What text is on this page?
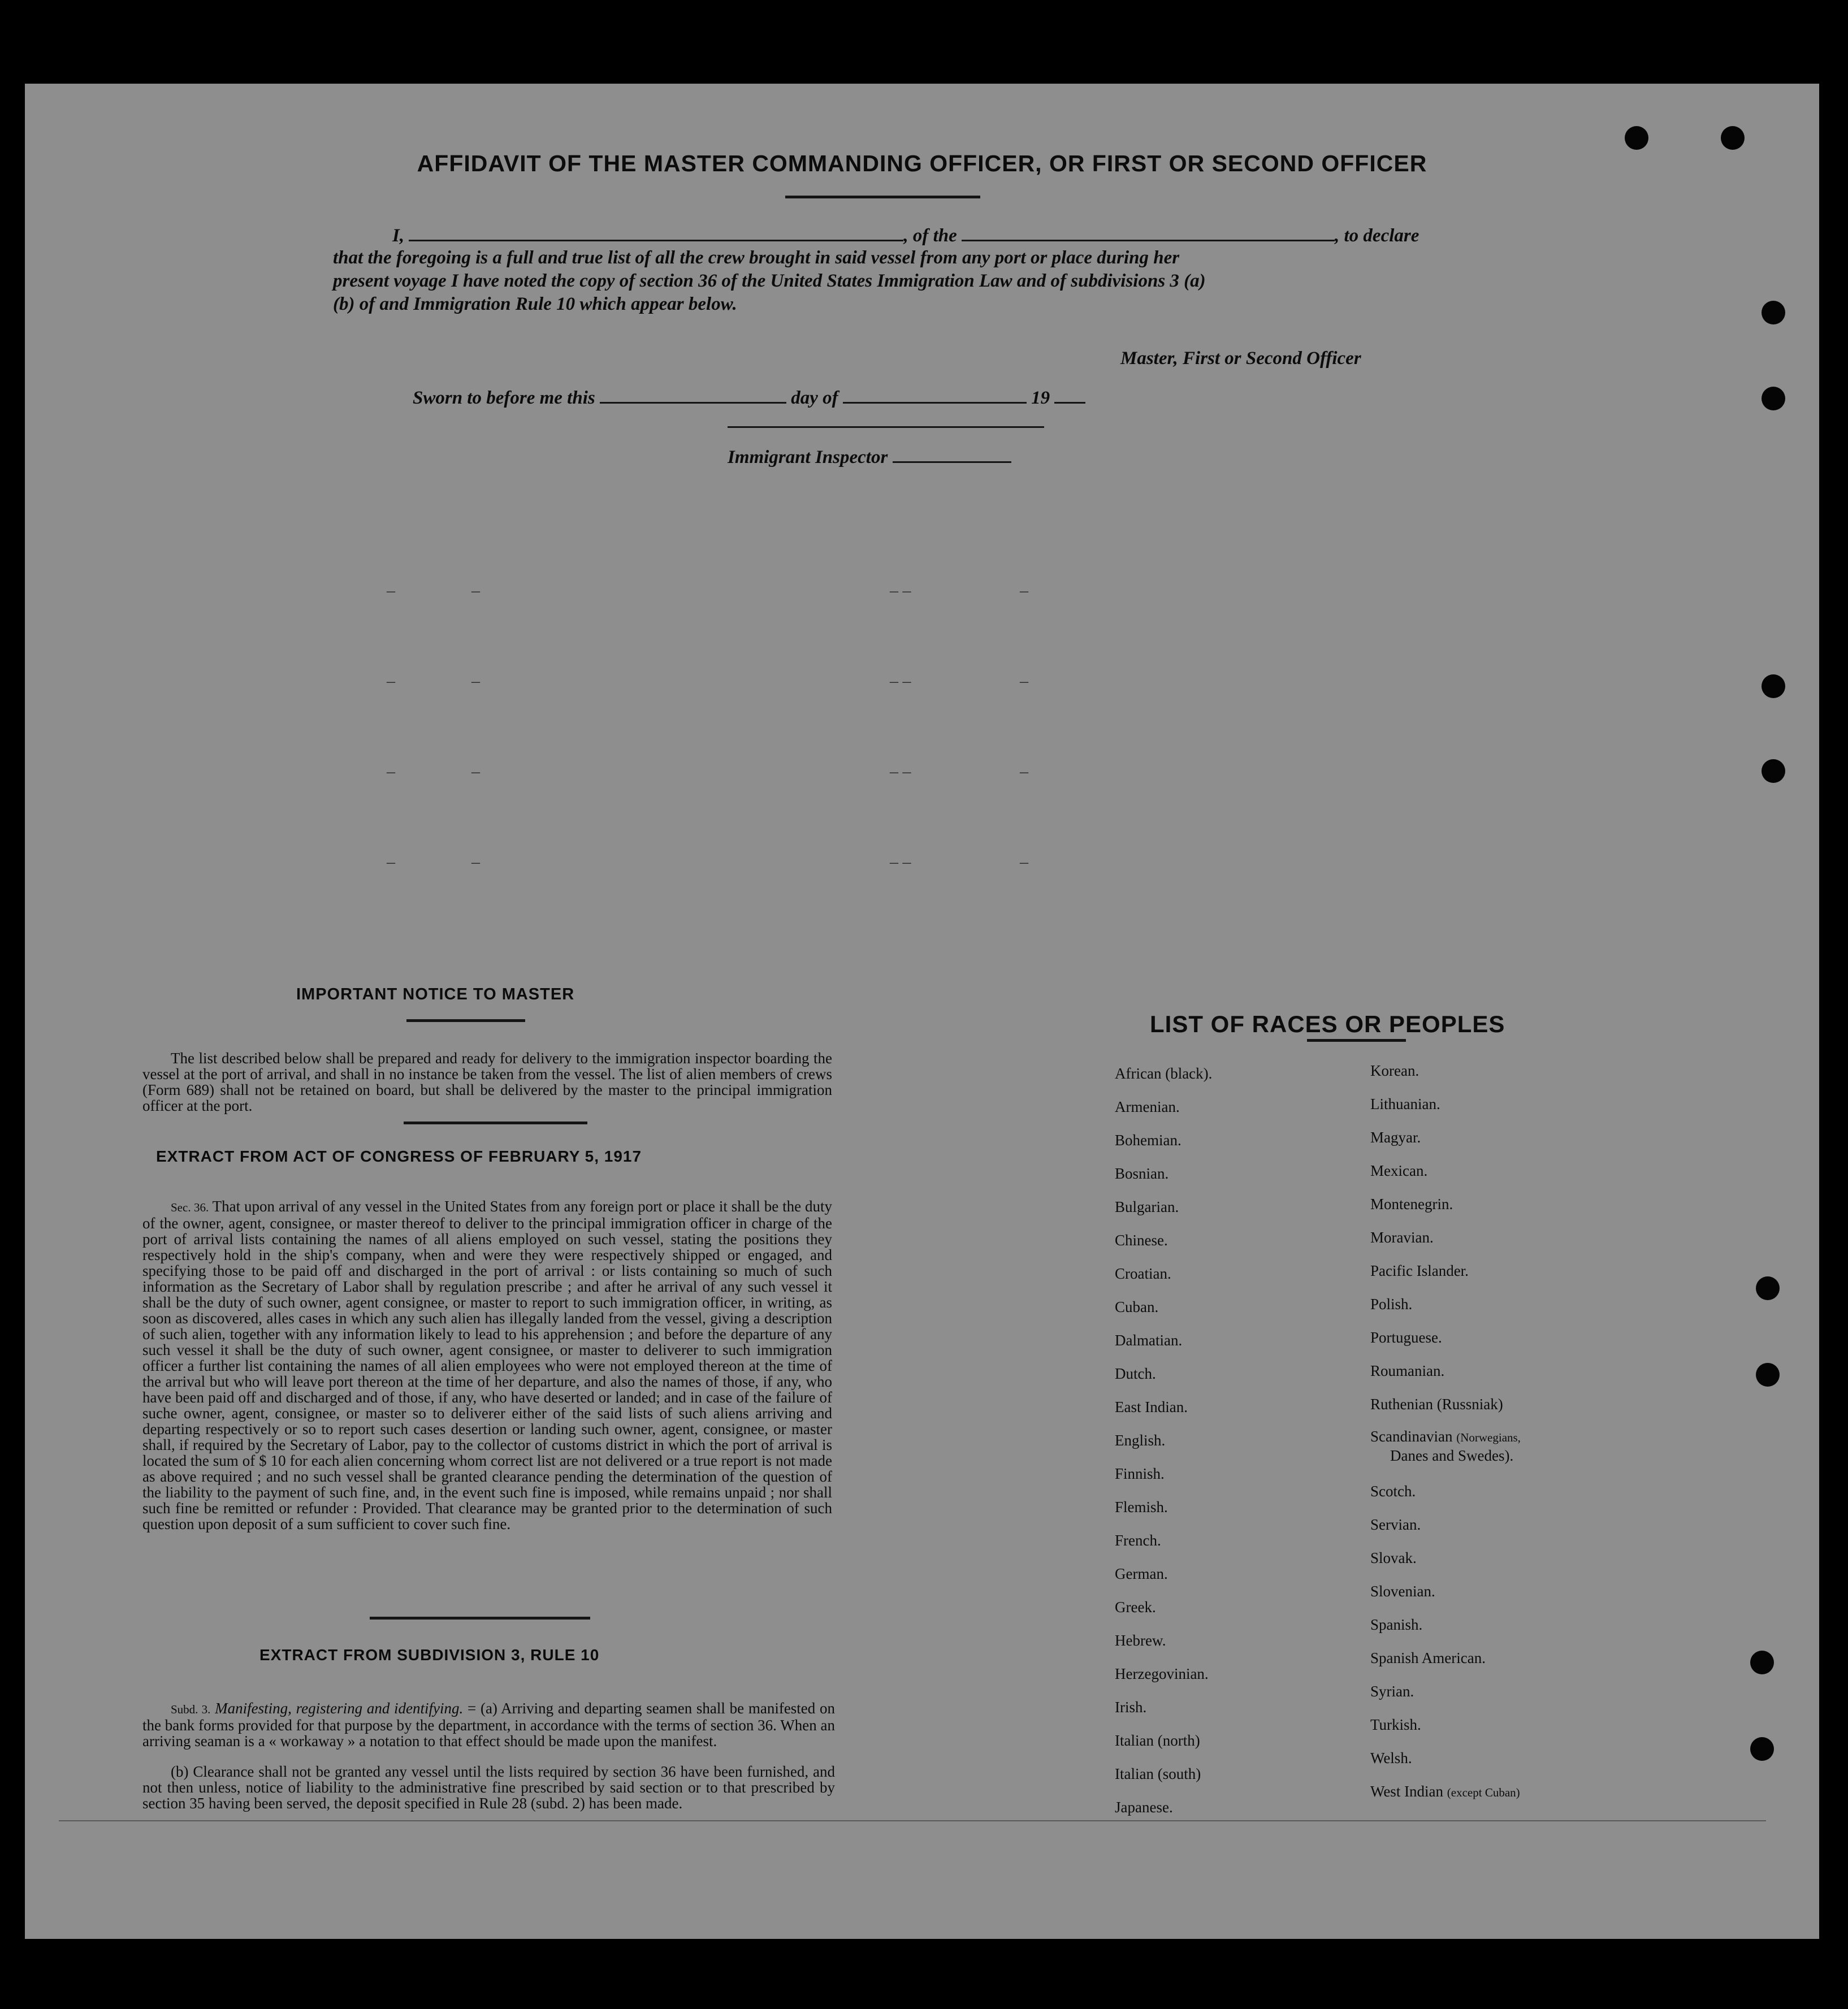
AFFIDAVIT OF THE MASTER COMMANDING OFFICER, OR FIRST OR SECOND OFFICER
I,	, of the	, to declare
that the foregoing is a full and true list of all the crew brought in said vessel from any port or place during her
present voyage I have noted the copy of section 36 of the United States Immigration Law and of subdivisions 3 (a)
(b) of and Immigration Rule 10 which appear below.
Master, First or Second Officer
Sworn to before me this	day of	19
Immigrant Inspector
–	–	– –	–
–	–	– –	–
–	–	– –	–
–	–	– –	–
IMPORTANT NOTICE TO MASTER
The list described below shall be prepared and ready for delivery to the immigration inspector boarding the vessel at the port of arrival, and shall in no instance be taken from the vessel. The list of alien members of crews (Form 689) shall not be retained on board, but shall be delivered by the master to the principal immigration officer at the port.
EXTRACT FROM ACT OF CONGRESS OF FEBRUARY 5, 1917
Sec. 36. That upon arrival of any vessel in the United States from any foreign port or place it shall be the duty of the owner, agent, consignee, or master thereof to deliver to the principal immigration officer in charge of the port of arrival lists containing the names of all aliens employed on such vessel, stating the positions they respectively hold in the ship's company, when and were they were respectively shipped or engaged, and specifying those to be paid off and discharged in the port of arrival : or lists containing so much of such information as the Secretary of Labor shall by regulation prescribe ; and after he arrival of any such vessel it shall be the duty of such owner, agent consignee, or master to report to such immigration officer, in writing, as soon as discovered, alles cases in which any such alien has illegally landed from the vessel, giving a description of such alien, together with any information likely to lead to his apprehension ; and before the departure of any such vessel it shall be the duty of such owner, agent consignee, or master to deliverer to such immigration officer a further list containing the names of all alien employees who were not employed thereon at the time of the arrival but who will leave port thereon at the time of her departure, and also the names of those, if any, who have been paid off and discharged and of those, if any, who have deserted or landed; and in case of the failure of suche owner, agent, consignee, or master so to deliverer either of the said lists of such aliens arriving and departing respectively or so to report such cases desertion or landing such owner, agent, consignee, or master shall, if required by the Secretary of Labor, pay to the collector of customs district in which the port of arrival is located the sum of $ 10 for each alien concerning whom correct list are not delivered or a true report is not made as above required ; and no such vessel shall be granted clearance pending the determination of the question of the liability to the payment of such fine, and, in the event such fine is imposed, while remains unpaid ; nor shall such fine be remitted or refunder : Provided. That clearance may be granted prior to the determination of such question upon deposit of a sum sufficient to cover such fine.
EXTRACT FROM SUBDIVISION 3, RULE 10
Subd. 3. Manifesting, registering and identifying. = (a) Arriving and departing seamen shall be manifested on the bank forms provided for that purpose by the department, in accordance with the terms of section 36. When an arriving seaman is a « workaway » a notation to that effect should be made upon the manifest.
(b) Clearance shall not be granted any vessel until the lists required by section 36 have been furnished, and not then unless, notice of liability to the administrative fine prescribed by said section or to that prescribed by section 35 having been served, the deposit specified in Rule 28 (subd. 2) has been made.
LIST OF RACES OR PEOPLES
African (black).
Armenian.
Bohemian.
Bosnian.
Bulgarian.
Chinese.
Croatian.
Cuban.
Dalmatian.
Dutch.
East Indian.
English.
Finnish.
Flemish.
French.
German.
Greek.
Hebrew.
Herzegovinian.
Irish.
Italian (north)
Italian (south)
Japanese.
Korean.
Lithuanian.
Magyar.
Mexican.
Montenegrin.
Moravian.
Pacific Islander.
Polish.
Portuguese.
Roumanian.
Ruthenian (Russniak)
Scandinavian (Norwegians,
Danes and Swedes).
Scotch.
Servian.
Slovak.
Slovenian.
Spanish.
Spanish American.
Syrian.
Turkish.
Welsh.
West Indian (except Cuban)
